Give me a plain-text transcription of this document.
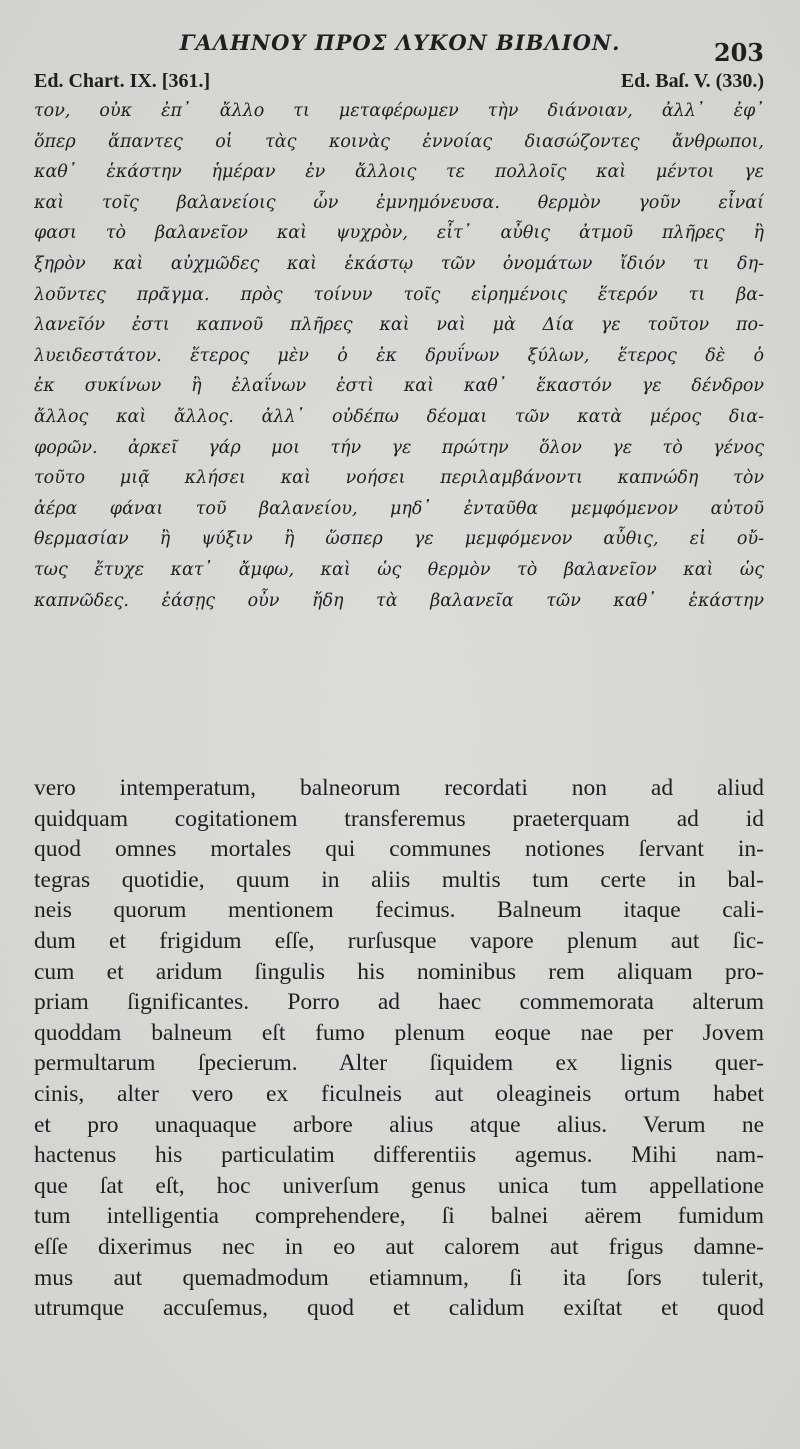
ΓΑΛΗΝΟΥ ΠΡΟΣ ΛΥΚΟΝ ΒΙΒΛΙΟΝ.	203
Ed. Chart. IX. [361.]	Ed. Baſ. V. (330.)
τον, οὐκ ἐπ᾽ ἄλλο τι μεταφέρωμεν τὴν διάνοιαν, ἀλλ᾽ ἐφ᾽
ὅπερ ἅπαντες οἱ τὰς κοινὰς ἐννοίας διασώζοντες ἄνθρωποι,
καθ᾽ ἑκάστην ἡμέραν ἐν ἄλλοις τε πολλοῖς καὶ μέντοι γε
καὶ τοῖς βαλανείοις ὧν ἐμνημόνευσα. θερμὸν γοῦν εἶναί
φασι τὸ βαλανεῖον καὶ ψυχρὸν, εἶτ᾽ αὖθις ἀτμοῦ πλῆρες ἢ
ξηρὸν καὶ αὐχμῶδες καὶ ἑκάστῳ τῶν ὀνομάτων ἴδιόν τι δη-
λοῦντες πρᾶγμα. πρὸς τοίνυν τοῖς εἰρημένοις ἕτερόν τι βα-
λανεῖόν ἐστι καπνοῦ πλῆρες καὶ ναὶ μὰ Δία γε τοῦτον πο-
λυειδεστάτον. ἕτερος μὲν ὁ ἐκ δρυΐνων ξύλων, ἕτερος δὲ ὁ
ἐκ συκίνων ἢ ἐλαΐνων ἐστὶ καὶ καθ᾽ ἕκαστόν γε δένδρον
ἄλλος καὶ ἄλλος. ἀλλ᾽ οὐδέπω δέομαι τῶν κατὰ μέρος δια-
φορῶν. ἀρκεῖ γάρ μοι τήν γε πρώτην ὅλον γε τὸ γένος
τοῦτο μιᾷ κλήσει καὶ νοήσει περιλαμβάνοντι καπνώδη τὸν
ἀέρα φάναι τοῦ βαλανείου, μηδ᾽ ἐνταῦθα μεμφόμενον αὐτοῦ
θερμασίαν ἢ ψύξιν ἢ ὥσπερ γε μεμφόμενον αὖθις, εἰ οὔ-
τως ἔτυχε κατ᾽ ἄμφω, καὶ ὡς θερμὸν τὸ βαλανεῖον καὶ ὡς
καπνῶδες. ἐάσῃς οὖν ἤδη τὰ βαλανεῖα τῶν καθ᾽ ἑκάστην
vero intemperatum, balneorum recordati non ad aliud
quidquam cogitationem transferemus praeterquam ad id
quod omnes mortales qui communes notiones ſervant in-
tegras quotidie, quum in aliis multis tum certe in bal-
neis quorum mentionem fecimus. Balneum itaque cali-
dum et frigidum eſſe, rurſusque vapore plenum aut ſic-
cum et aridum ſingulis his nominibus rem aliquam pro-
priam ſignificantes. Porro ad haec commemorata alterum
quoddam balneum eſt fumo plenum eoque nae per Jovem
permultarum ſpecierum. Alter ſiquidem ex lignis quer-
cinis, alter vero ex ficulneis aut oleagineis ortum habet
et pro unaquaque arbore alius atque alius. Verum ne
hactenus his particulatim differentiis agemus. Mihi nam-
que ſat eſt, hoc univerſum genus unica tum appellatione
tum intelligentia comprehendere, ſi balnei aërem fumidum
eſſe dixerimus nec in eo aut calorem aut frigus damne-
mus aut quemadmodum etiamnum, ſi ita ſors tulerit,
utrumque accuſemus, quod et calidum exiſtat et quod
